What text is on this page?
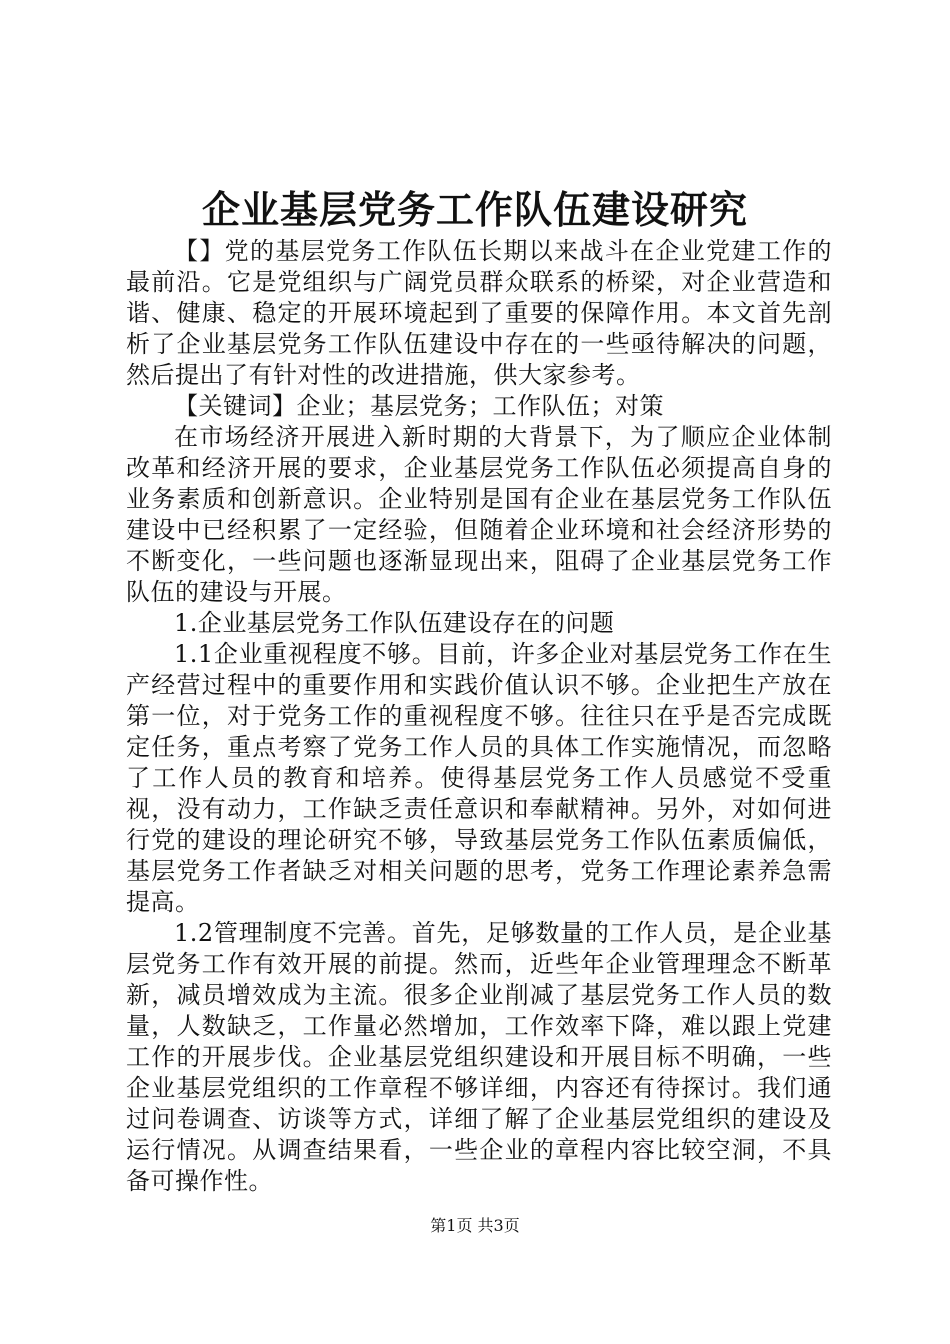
企业基层党务工作队伍建设研究

【】党的基层党务工作队伍长期以来战斗在企业党建工作的最前沿。它是党组织与广阔党员群众联系的桥梁，对企业营造和谐、健康、稳定的开展环境起到了重要的保障作用。本文首先剖析了企业基层党务工作队伍建设中存在的一些亟待解决的问题，然后提出了有针对性的改进措施，供大家参考。

【关键词】企业；基层党务；工作队伍；对策

在市场经济开展进入新时期的大背景下，为了顺应企业体制改革和经济开展的要求，企业基层党务工作队伍必须提高自身的业务素质和创新意识。企业特别是国有企业在基层党务工作队伍建设中已经积累了一定经验，但随着企业环境和社会经济形势的不断变化，一些问题也逐渐显现出来，阻碍了企业基层党务工作队伍的建设与开展。

1.企业基层党务工作队伍建设存在的问题

1.1企业重视程度不够。目前，许多企业对基层党务工作在生产经营过程中的重要作用和实践价值认识不够。企业把生产放在第一位，对于党务工作的重视程度不够。往往只在乎是否完成既定任务，重点考察了党务工作人员的具体工作实施情况，而忽略了工作人员的教育和培养。使得基层党务工作人员感觉不受重视，没有动力，工作缺乏责任意识和奉献精神。另外，对如何进行党的建设的理论研究不够，导致基层党务工作队伍素质偏低，基层党务工作者缺乏对相关问题的思考，党务工作理论素养急需提高。

1.2管理制度不完善。首先，足够数量的工作人员，是企业基层党务工作有效开展的前提。然而，近些年企业管理理念不断革新，减员增效成为主流。很多企业削减了基层党务工作人员的数量，人数缺乏，工作量必然增加，工作效率下降，难以跟上党建工作的开展步伐。企业基层党组织建设和开展目标不明确，一些企业基层党组织的工作章程不够详细，内容还有待探讨。我们通过问卷调查、访谈等方式，详细了解了企业基层党组织的建设及运行情况。从调查结果看，一些企业的章程内容比较空洞，不具备可操作性。

第1页 共3页
